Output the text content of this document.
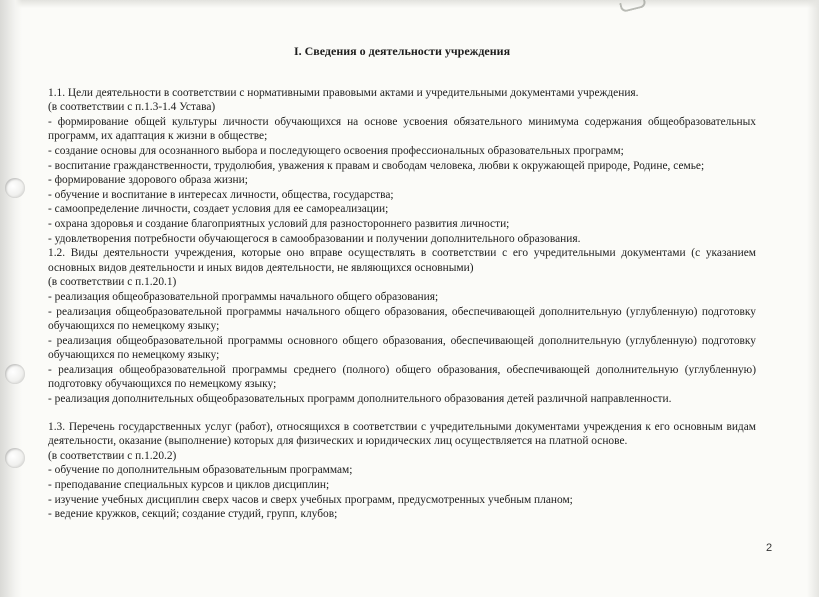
I. Сведения о деятельности учреждения

1.1. Цели деятельности в соответствии с нормативными правовыми актами и учредительными документами учреждения.

(в соответствии с п.1.3-1.4 Устава)

- формирование общей культуры личности обучающихся на основе усвоения обязательного минимума содержания общеобразовательных программ, их адаптация к жизни в обществе;

- создание основы для осознанного выбора и последующего освоения профессиональных образовательных программ;

- воспитание гражданственности, трудолюбия, уважения к правам и свободам человека, любви к окружающей природе, Родине, семье;

- формирование здорового образа жизни;

- обучение и воспитание в интересах личности, общества, государства;

- самоопределение личности, создает условия для ее самореализации;

- охрана здоровья и создание благоприятных условий для разностороннего развития личности;

- удовлетворения потребности обучающегося в самообразовании и получении дополнительного образования.

1.2. Виды деятельности учреждения, которые оно вправе осуществлять в соответствии с его учредительными документами (с указанием основных видов деятельности и иных видов деятельности, не являющихся основными)

(в соответствии с п.1.20.1)

- реализация общеобразовательной программы начального общего образования;

- реализация общеобразовательной программы начального общего образования, обеспечивающей дополнительную (углубленную) подготовку обучающихся по немецкому языку;

- реализация общеобразовательной программы основного общего образования, обеспечивающей дополнительную (углубленную) подготовку обучающихся по немецкому языку;

- реализация общеобразовательной программы среднего (полного) общего образования, обеспечивающей дополнительную (углубленную) подготовку обучающихся по немецкому языку;

- реализация дополнительных общеобразовательных программ дополнительного образования детей различной направленности.

1.3. Перечень государственных услуг (работ), относящихся в соответствии с учредительными документами учреждения к его основным видам деятельности, оказание (выполнение) которых для физических и юридических лиц осуществляется на платной основе.

(в соответствии с п.1.20.2)

- обучение по дополнительным образовательным программам;

- преподавание специальных курсов и циклов дисциплин;

- изучение учебных дисциплин сверх часов и сверх учебных программ, предусмотренных учебным планом;

- ведение кружков, секций; создание студий, групп, клубов;

2
